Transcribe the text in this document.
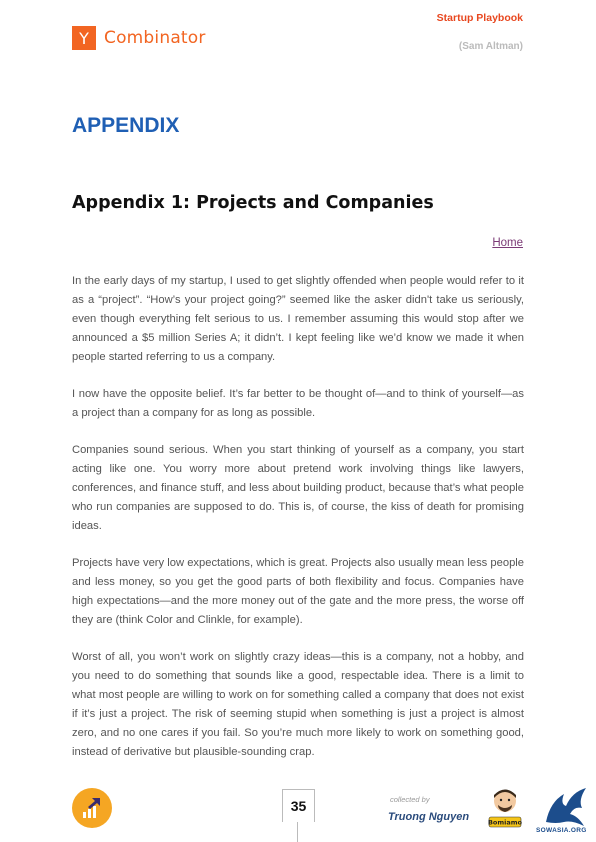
Y Combinator
Startup Playbook
(Sam Altman)
APPENDIX
Appendix 1: Projects and Companies
Home

In the early days of my startup, I used to get slightly offended when people would refer to it as a “project”. “How’s your project going?” seemed like the asker didn't take us seriously, even though everything felt serious to us. I remember assuming this would stop after we announced a $5 million Series A; it didn’t. I kept feeling like we’d know we made it when people started referring to us a company.

I now have the opposite belief. It’s far better to be thought of—and to think of yourself—as a project than a company for as long as possible.

Companies sound serious. When you start thinking of yourself as a company, you start acting like one. You worry more about pretend work involving things like lawyers, conferences, and finance stuff, and less about building product, because that’s what people who run companies are supposed to do. This is, of course, the kiss of death for promising ideas.

Projects have very low expectations, which is great. Projects also usually mean less people and less money, so you get the good parts of both flexibility and focus. Companies have high expectations—and the more money out of the gate and the more press, the worse off they are (think Color and Clinkle, for example).

Worst of all, you won’t work on slightly crazy ideas—this is a company, not a hobby, and you need to do something that sounds like a good, respectable idea. There is a limit to what most people are willing to work on for something called a company that does not exist if it’s just a project. The risk of seeming stupid when something is just a project is almost zero, and no one cares if you fail. So you’re much more likely to work on something good, instead of derivative but plausible-sounding crap.

35	collected by
Truong Nguyen	Bomiamo
SOWASIA.ORG
